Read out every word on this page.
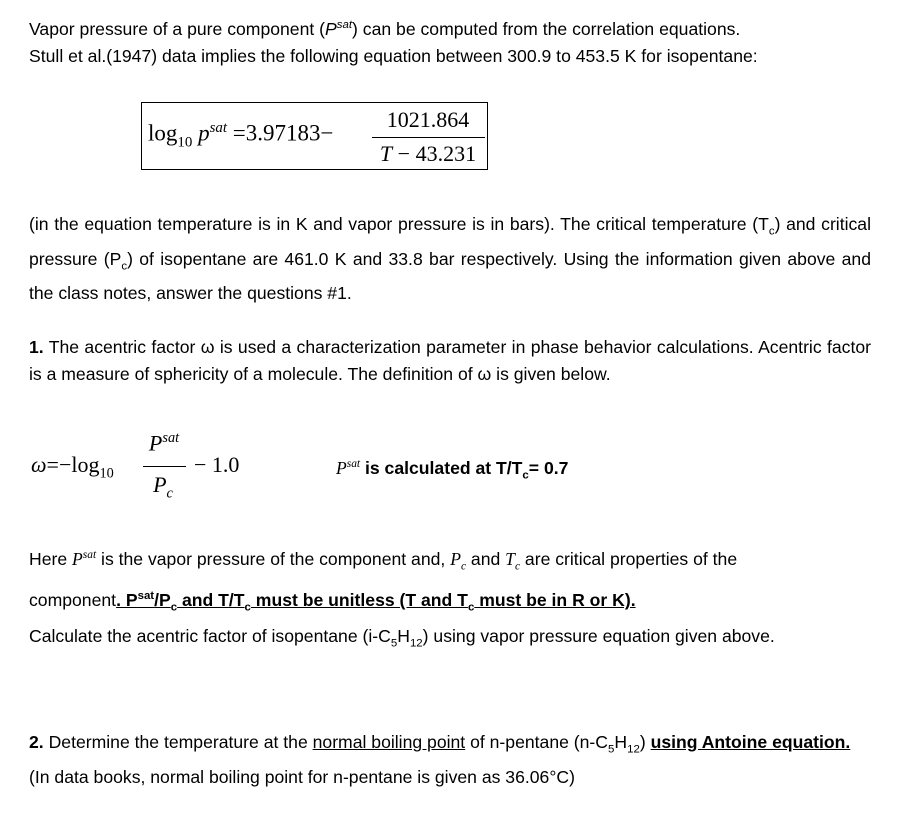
Vapor pressure of a pure component $(P^{sat})$ can be computed from the correlation equations.
Stull et al.(1947) data implies the following equation between 300.9 to 453.5 K for isopentane:
$\log_{10} p^{sat} =3.97183-$
1021.864
T − 43.231
(in the equation temperature is in K and vapor pressure is in bars). The critical temperature $(T_c)$ and critical pressure $(P_c)$ of isopentane are 461.0 K and 33.8 bar respectively. Using the information given above and the class notes, answer the questions #1.
1. The acentric factor ω is used a characterization parameter in phase behavior calculations. Acentric factor is a measure of sphericity of a molecule. The definition of ω is given below.
$\omega=-\log_{10}$
$P^{sat}$
$P_c$
− 1.0	$P^{sat}$ is calculated at $T/T_c= 0.7$
Here $P^{sat}$ is the vapor pressure of the component and, $P_c$ and $T_c$ are critical properties of the
component. $P^{sat}/P_c$ and $T/T_c$ must be unitless (T and $T_c$ must be in R or K).
Calculate the acentric factor of isopentane $(i-C_5H_{12})$ using vapor pressure equation given above.
2. Determine the temperature at the normal boiling point of n-pentane $(n-C_5H_{12})$ using Antoine equation. (In data books, normal boiling point for n-pentane is given as 36.06°C)
